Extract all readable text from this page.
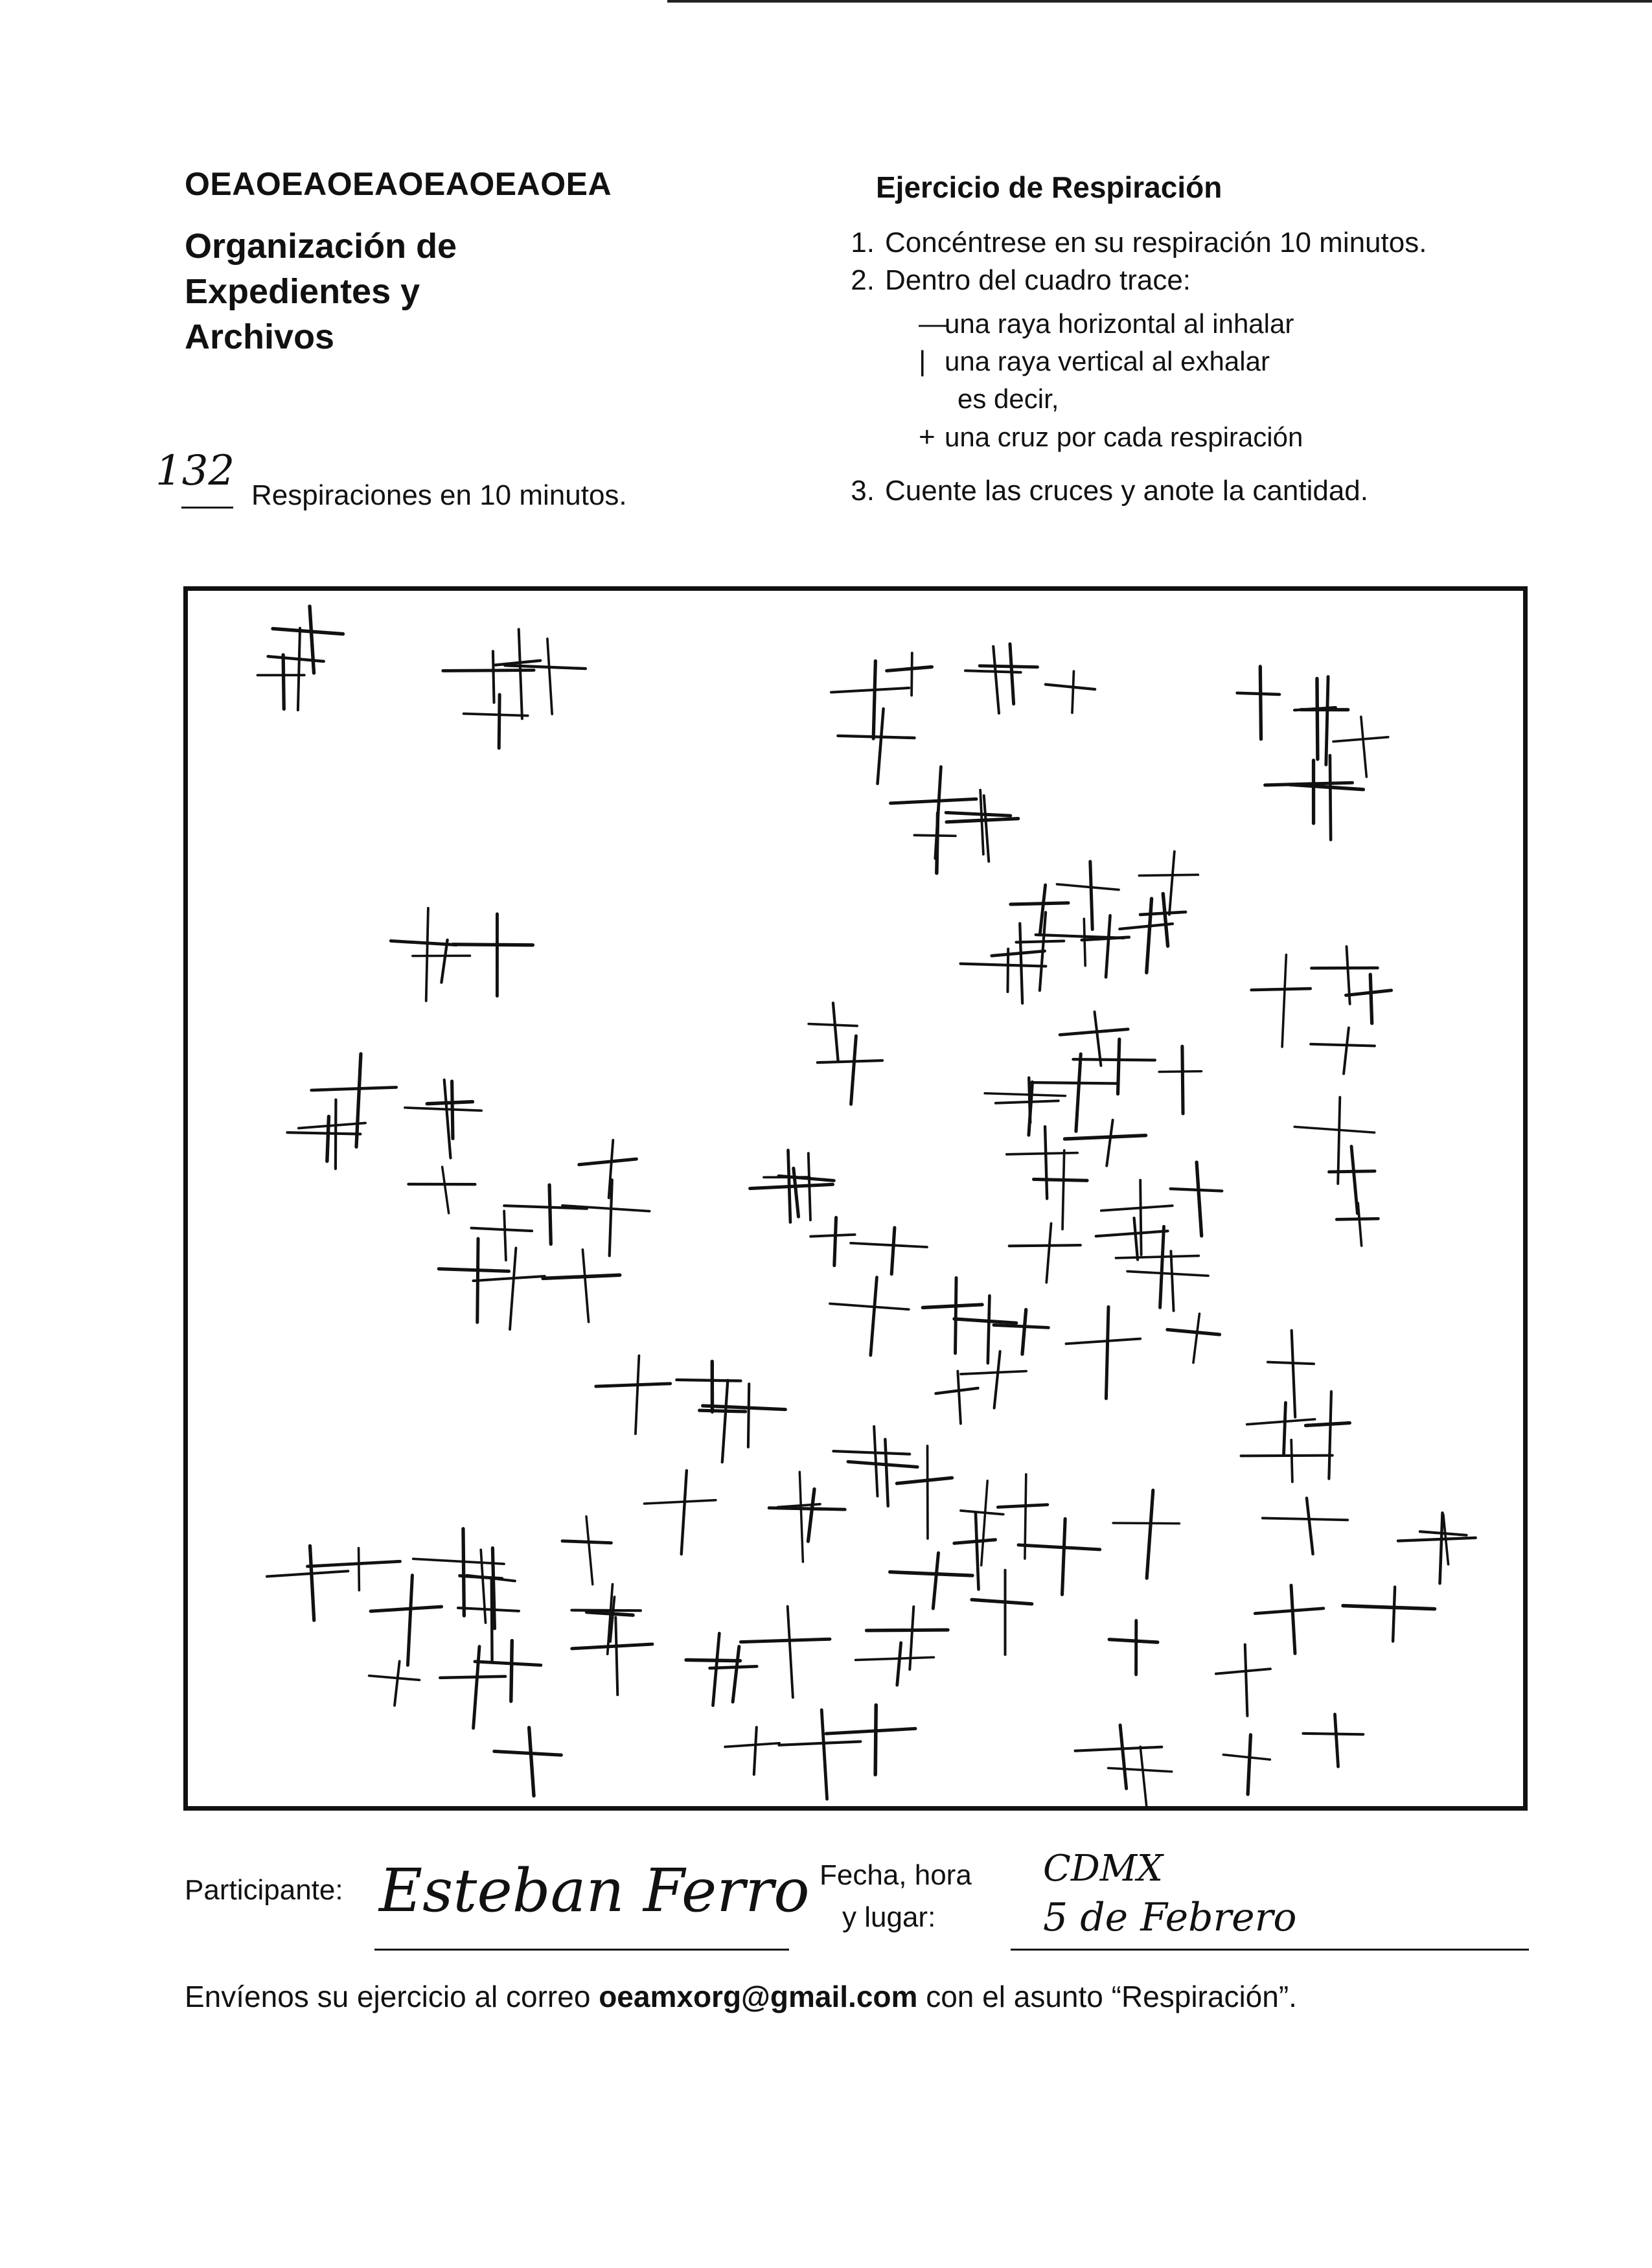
OEAOEAOEAOEAOEAOEA
Organización de
Expedientes y
Archivos
132
Respiraciones en 10 minutos.
Ejercicio de Respiración
1. Concéntrese en su respiración 10 minutos.
2. Dentro del cuadro trace:
—una raya horizontal al inhalar
| una raya vertical al exhalar
es decir,
+ una cruz por cada respiración
3. Cuente las cruces y anote la cantidad.
Participante: Esteban Ferro Fecha, hora
y lugar:
CDMX
5 de Febrero
Envíenos su ejercicio al correo oeamxorg@gmail.com con el asunto “Respiración”.
